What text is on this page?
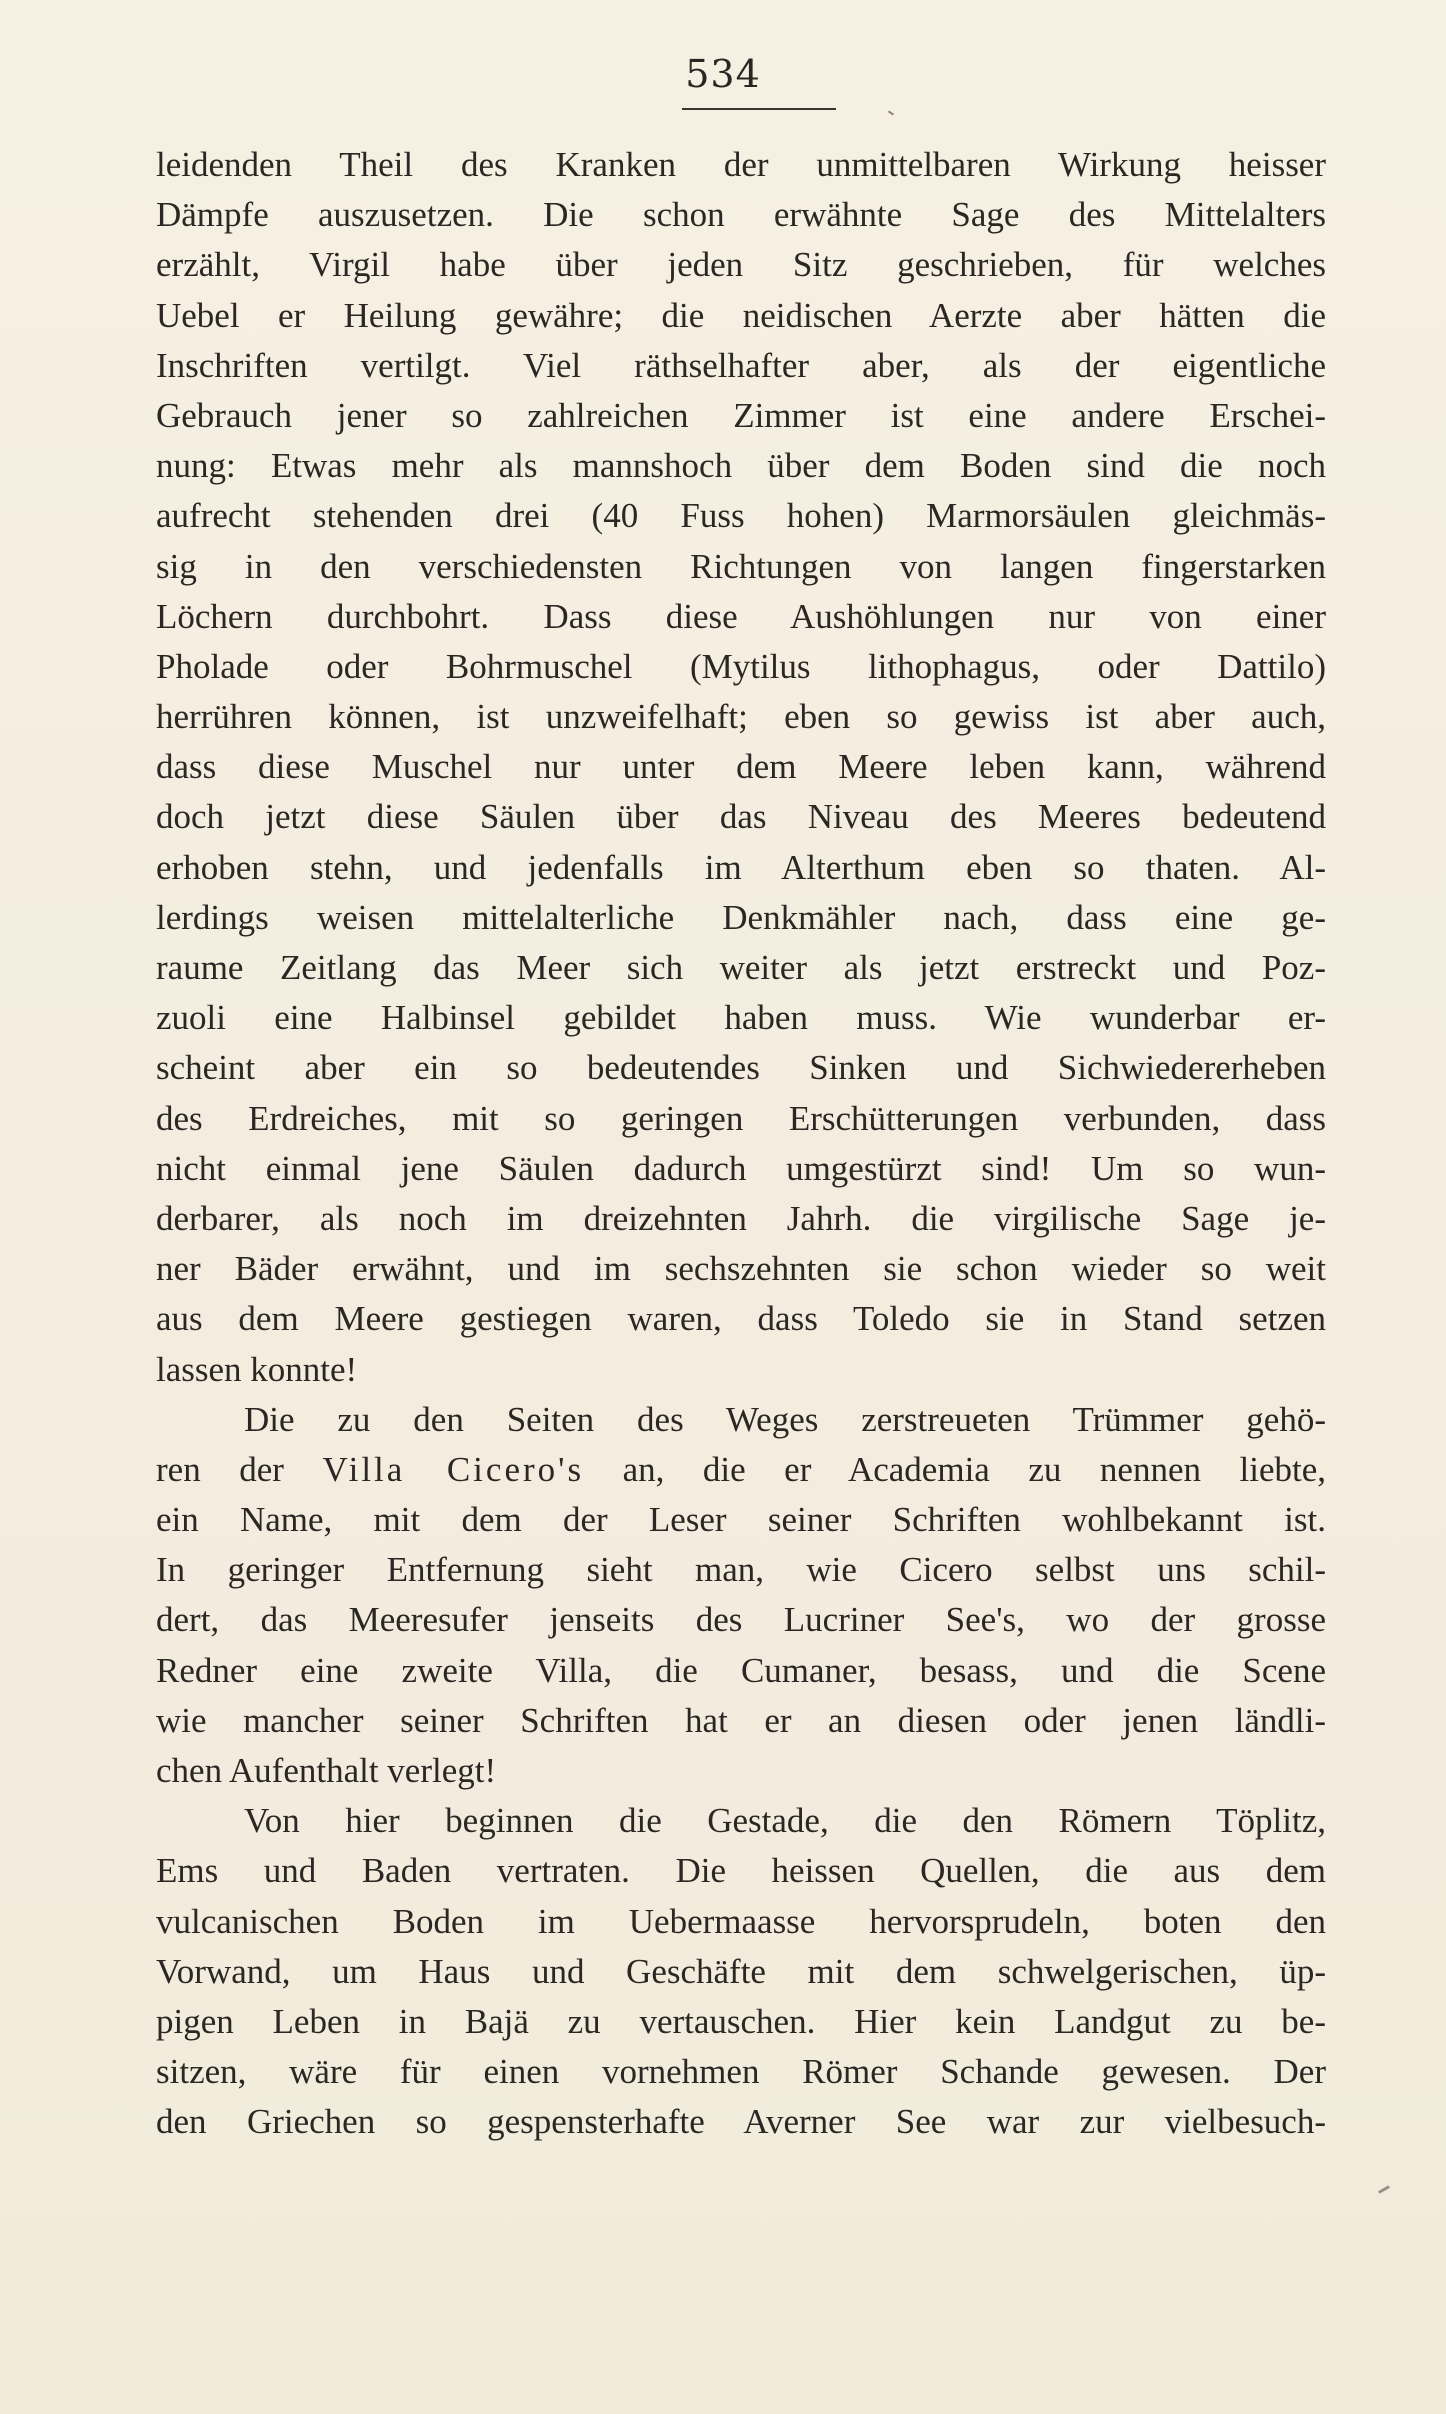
534
leidenden Theil des Kranken der unmittelbaren Wirkung heisser
Dämpfe auszusetzen. Die schon erwähnte Sage des Mittelalters
erzählt, Virgil habe über jeden Sitz geschrieben, für welches
Uebel er Heilung gewähre; die neidischen Aerzte aber hätten die
Inschriften vertilgt. Viel räthselhafter aber, als der eigentliche
Gebrauch jener so zahlreichen Zimmer ist eine andere Erschei-
nung: Etwas mehr als mannshoch über dem Boden sind die noch
aufrecht stehenden drei (40 Fuss hohen) Marmorsäulen gleichmäs-
sig in den verschiedensten Richtungen von langen fingerstarken
Löchern durchbohrt. Dass diese Aushöhlungen nur von einer
Pholade oder Bohrmuschel (Mytilus lithophagus, oder Dattilo)
herrühren können, ist unzweifelhaft; eben so gewiss ist aber auch,
dass diese Muschel nur unter dem Meere leben kann, während
doch jetzt diese Säulen über das Niveau des Meeres bedeutend
erhoben stehn, und jedenfalls im Alterthum eben so thaten. Al-
lerdings weisen mittelalterliche Denkmähler nach, dass eine ge-
raume Zeitlang das Meer sich weiter als jetzt erstreckt und Poz-
zuoli eine Halbinsel gebildet haben muss. Wie wunderbar er-
scheint aber ein so bedeutendes Sinken und Sichwiedererheben
des Erdreiches, mit so geringen Erschütterungen verbunden, dass
nicht einmal jene Säulen dadurch umgestürzt sind! Um so wun-
derbarer, als noch im dreizehnten Jahrh. die virgilische Sage je-
ner Bäder erwähnt, und im sechszehnten sie schon wieder so weit
aus dem Meere gestiegen waren, dass Toledo sie in Stand setzen
lassen konnte!
Die zu den Seiten des Weges zerstreueten Trümmer gehö-
ren der Villa Cicero's an, die er Academia zu nennen liebte,
ein Name, mit dem der Leser seiner Schriften wohlbekannt ist.
In geringer Entfernung sieht man, wie Cicero selbst uns schil-
dert, das Meeresufer jenseits des Lucriner See's, wo der grosse
Redner eine zweite Villa, die Cumaner, besass, und die Scene
wie mancher seiner Schriften hat er an diesen oder jenen ländli-
chen Aufenthalt verlegt!
Von hier beginnen die Gestade, die den Römern Töplitz,
Ems und Baden vertraten. Die heissen Quellen, die aus dem
vulcanischen Boden im Uebermaasse hervorsprudeln, boten den
Vorwand, um Haus und Geschäfte mit dem schwelgerischen, üp-
pigen Leben in Bajä zu vertauschen. Hier kein Landgut zu be-
sitzen, wäre für einen vornehmen Römer Schande gewesen. Der
den Griechen so gespensterhafte Averner See war zur vielbesuch-
